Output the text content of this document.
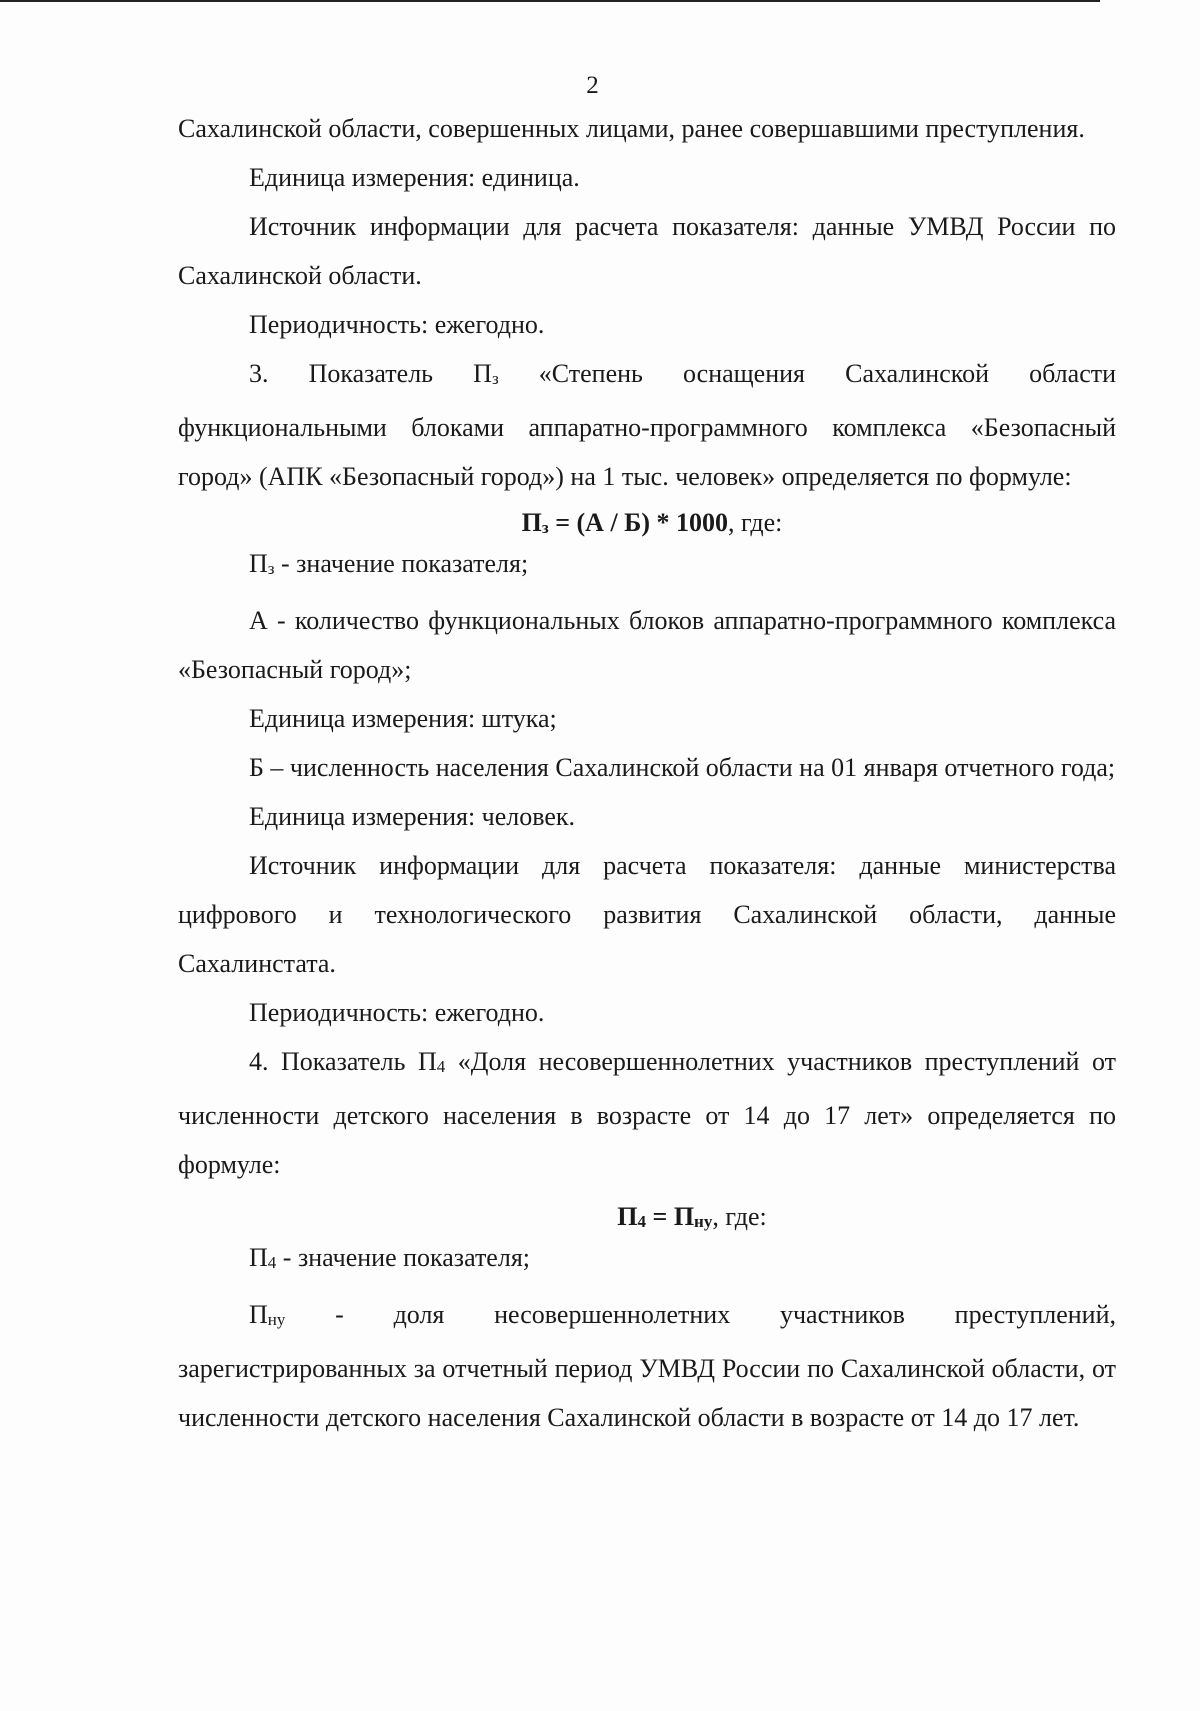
2

Сахалинской области, совершенных лицами, ранее совершавшими преступления.

Единица измерения: единица.

Источник информации для расчета показателя: данные УМВД России по Сахалинской области.

Периодичность: ежегодно.

3. Показатель Пз «Степень оснащения Сахалинской области функциональными блоками аппаратно-программного комплекса «Безопасный город» (АПК «Безопасный город») на 1 тыс. человек» определяется по формуле:

Пз = (А / Б) * 1000, где:

Пз - значение показателя;

А - количество функциональных блоков аппаратно-программного комплекса «Безопасный город»;

Единица измерения: штука;

Б – численность населения Сахалинской области на 01 января отчетного года;

Единица измерения: человек.

Источник информации для расчета показателя: данные министерства цифрового и технологического развития Сахалинской области, данные Сахалинстата.

Периодичность: ежегодно.

4. Показатель П4 «Доля несовершеннолетних участников преступлений от численности детского населения в возрасте от 14 до 17 лет» определяется по формуле:

П4 = Пну, где:

П4 - значение показателя;

Пну - доля несовершеннолетних участников преступлений, зарегистрированных за отчетный период УМВД России по Сахалинской области, от численности детского населения Сахалинской области в возрасте от 14 до 17 лет.
